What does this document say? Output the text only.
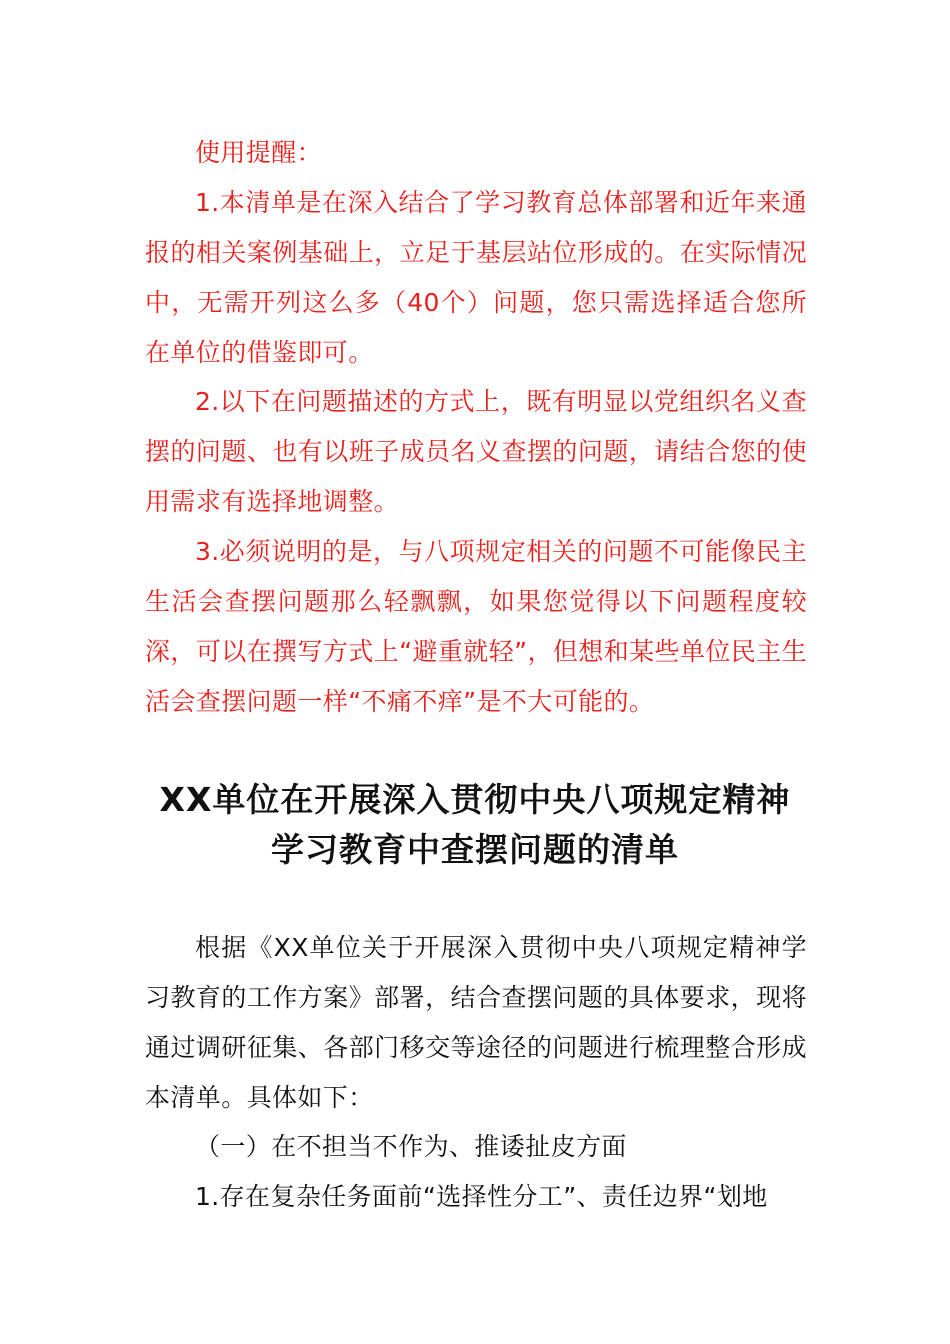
使用提醒：

1.本清单是在深入结合了学习教育总体部署和近年来通报的相关案例基础上，立足于基层站位形成的。在实际情况中，无需开列这么多（40个）问题，您只需选择适合您所在单位的借鉴即可。

2.以下在问题描述的方式上，既有明显以党组织名义查摆的问题、也有以班子成员名义查摆的问题，请结合您的使用需求有选择地调整。

3.必须说明的是，与八项规定相关的问题不可能像民主生活会查摆问题那么轻飘飘，如果您觉得以下问题程度较深，可以在撰写方式上“避重就轻”，但想和某些单位民主生活会查摆问题一样“不痛不痒”是不大可能的。

XX单位在开展深入贯彻中央八项规定精神
学习教育中查摆问题的清单

根据《XX单位关于开展深入贯彻中央八项规定精神学习教育的工作方案》部署，结合查摆问题的具体要求，现将通过调研征集、各部门移交等途径的问题进行梳理整合形成本清单。具体如下：

（一）在不担当不作为、推诿扯皮方面

1.存在复杂任务面前“选择性分工”、责任边界“划地
